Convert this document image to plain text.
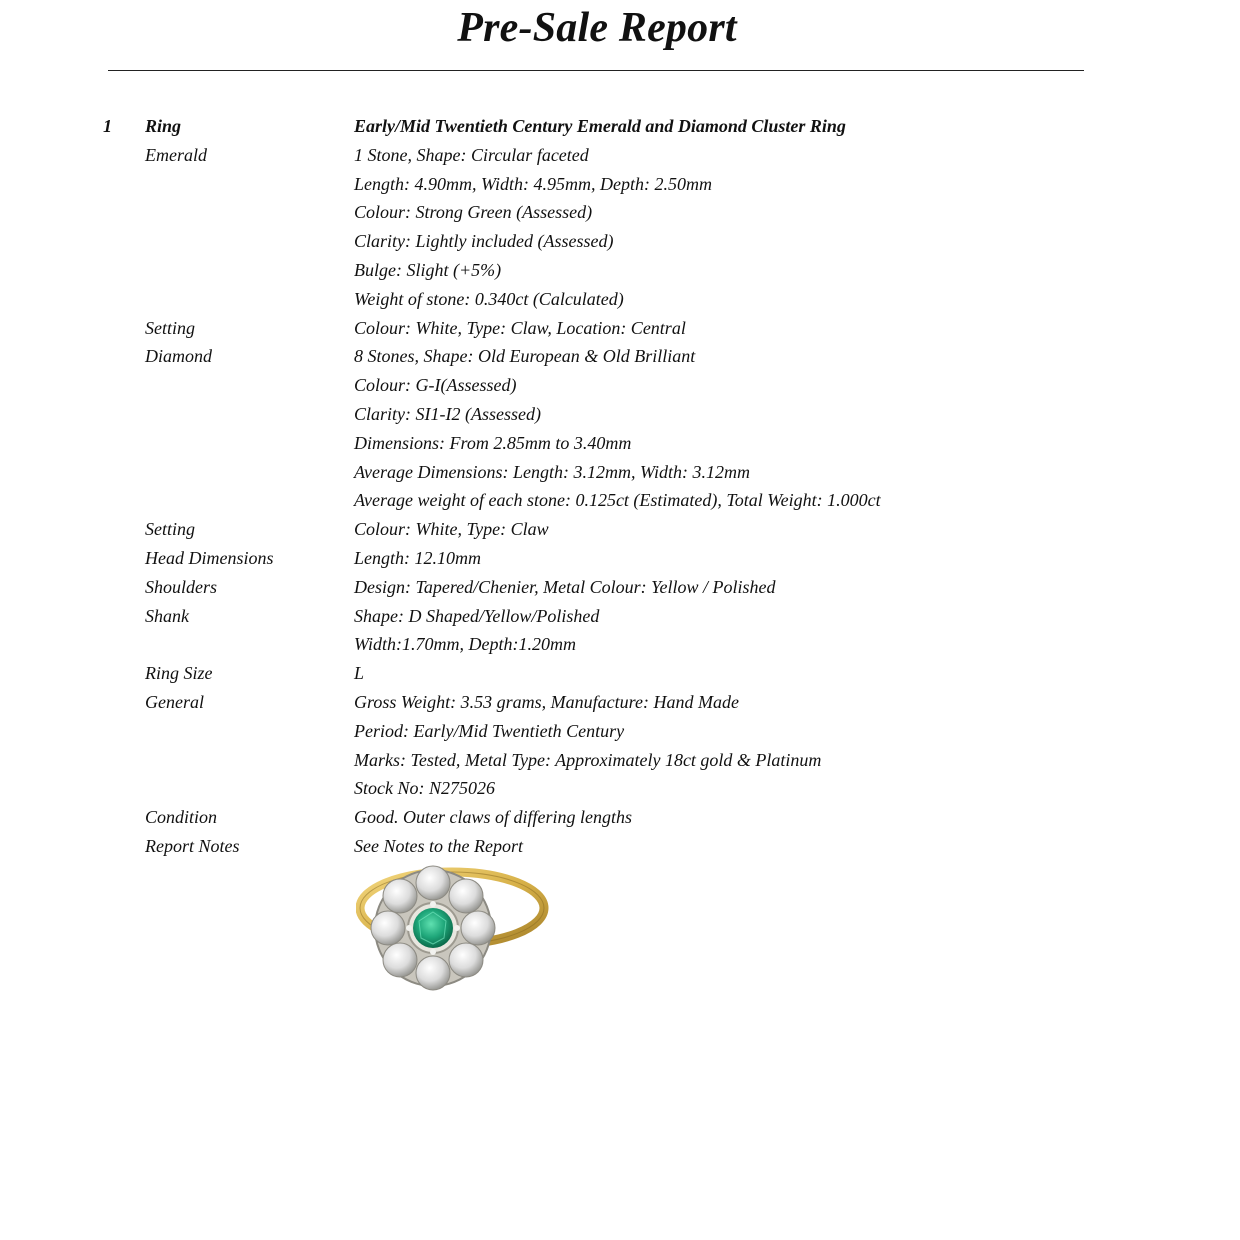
Pre-Sale Report
1 Ring	Early/Mid Twentieth Century Emerald and Diamond Cluster Ring
Emerald	1 Stone, Shape: Circular faceted
Length: 4.90mm, Width: 4.95mm, Depth: 2.50mm
Colour: Strong Green (Assessed)
Clarity: Lightly included (Assessed)
Bulge: Slight (+5%)
Weight of stone: 0.340ct (Calculated)
Setting	Colour: White, Type: Claw, Location: Central
Diamond	8 Stones, Shape: Old European & Old Brilliant
Colour: G-I(Assessed)
Clarity: SI1-I2 (Assessed)
Dimensions: From 2.85mm to 3.40mm
Average Dimensions: Length: 3.12mm, Width: 3.12mm
Average weight of each stone: 0.125ct (Estimated), Total Weight: 1.000ct
Setting	Colour: White, Type: Claw
Head Dimensions	Length: 12.10mm
Shoulders	Design: Tapered/Chenier, Metal Colour: Yellow / Polished
Shank	Shape: D Shaped/Yellow/Polished
Width:1.70mm, Depth:1.20mm
Ring Size	L
General	Gross Weight: 3.53 grams, Manufacture: Hand Made
Period: Early/Mid Twentieth Century
Marks: Tested, Metal Type: Approximately 18ct gold & Platinum
Stock No: N275026
Condition	Good. Outer claws of differing lengths
Report Notes	See Notes to the Report
